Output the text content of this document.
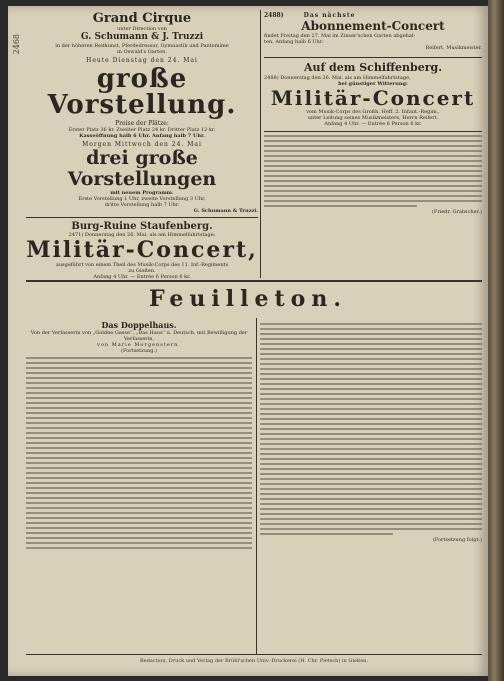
2468
Grand Cirque
unter Direction von
G. Schumann & J. Truzzi
in der höheren Reitkunst, Pferdedressur, Gymnastik und Pantomime
in Oswald's Garten.
Heute Dienstag den 24. Mai
große Vorstellung.
Preise der Plätze:
Erster Platz 36 kr. Zweiter Platz 24 kr. Dritter Platz 12 kr.
Kasseöffnung halb 6 Uhr. Anfang halb 7 Uhr.
Morgen Mittwoch den 24. Mai
drei große Vorstellungen
mit neuem Programm.
Erste Vorstellung 1 Uhr, zweite Vorstellung 3 Uhr,
dritte Vorstellung halb 7 Uhr.
G. Schumann & Truzzi.
Burg-Ruine Staufenberg.
2471) Donnerstag den 26. Mai, als am Himmelfahrtstage:
Militär-Concert,
ausgeführt von einem Theil des Musik-Corps des 11. Inf.-Regiments
zu Gießen.
Anfang 4 Uhr. — Entrée 6 Person 6 kr.
2488)	Das nächste
Abonnement-Concert
findet Freitag den 27. Mai im Zinser'schen Garten abgehal-
ten. Anfang halb 6 Uhr.
Reifert, Musikmeister.
Auf dem Schiffenberg.
2488) Donnerstag den 26. Mai, als am Himmelfahrtstage,
bei günstiger Witterung:
Militär-Concert
vom Musik-Corps des Großh. Heff. 2. Infant.-Regim.,
unter Leitung seines Musikmeisters, Herrn Reifert.
Anfang 4 Uhr. — Entrée 6 Person 6 kr.
(Friedr. Grabscher.)
Feuilleton.
Das Doppelhaus.
Von der Verfasserin von „Goldne Gasse“, „Das Haus“ u. Deutsch, mit Bewilligung der Verfasserin,
von Marie Morgenstern.
(Fortsetzung.)
(Fortsetzung folgt.)
Redaction, Druck und Verlag der Brühl'schen Univ.-Druckerei (H. Chr. Pietsch) in Gießen.
